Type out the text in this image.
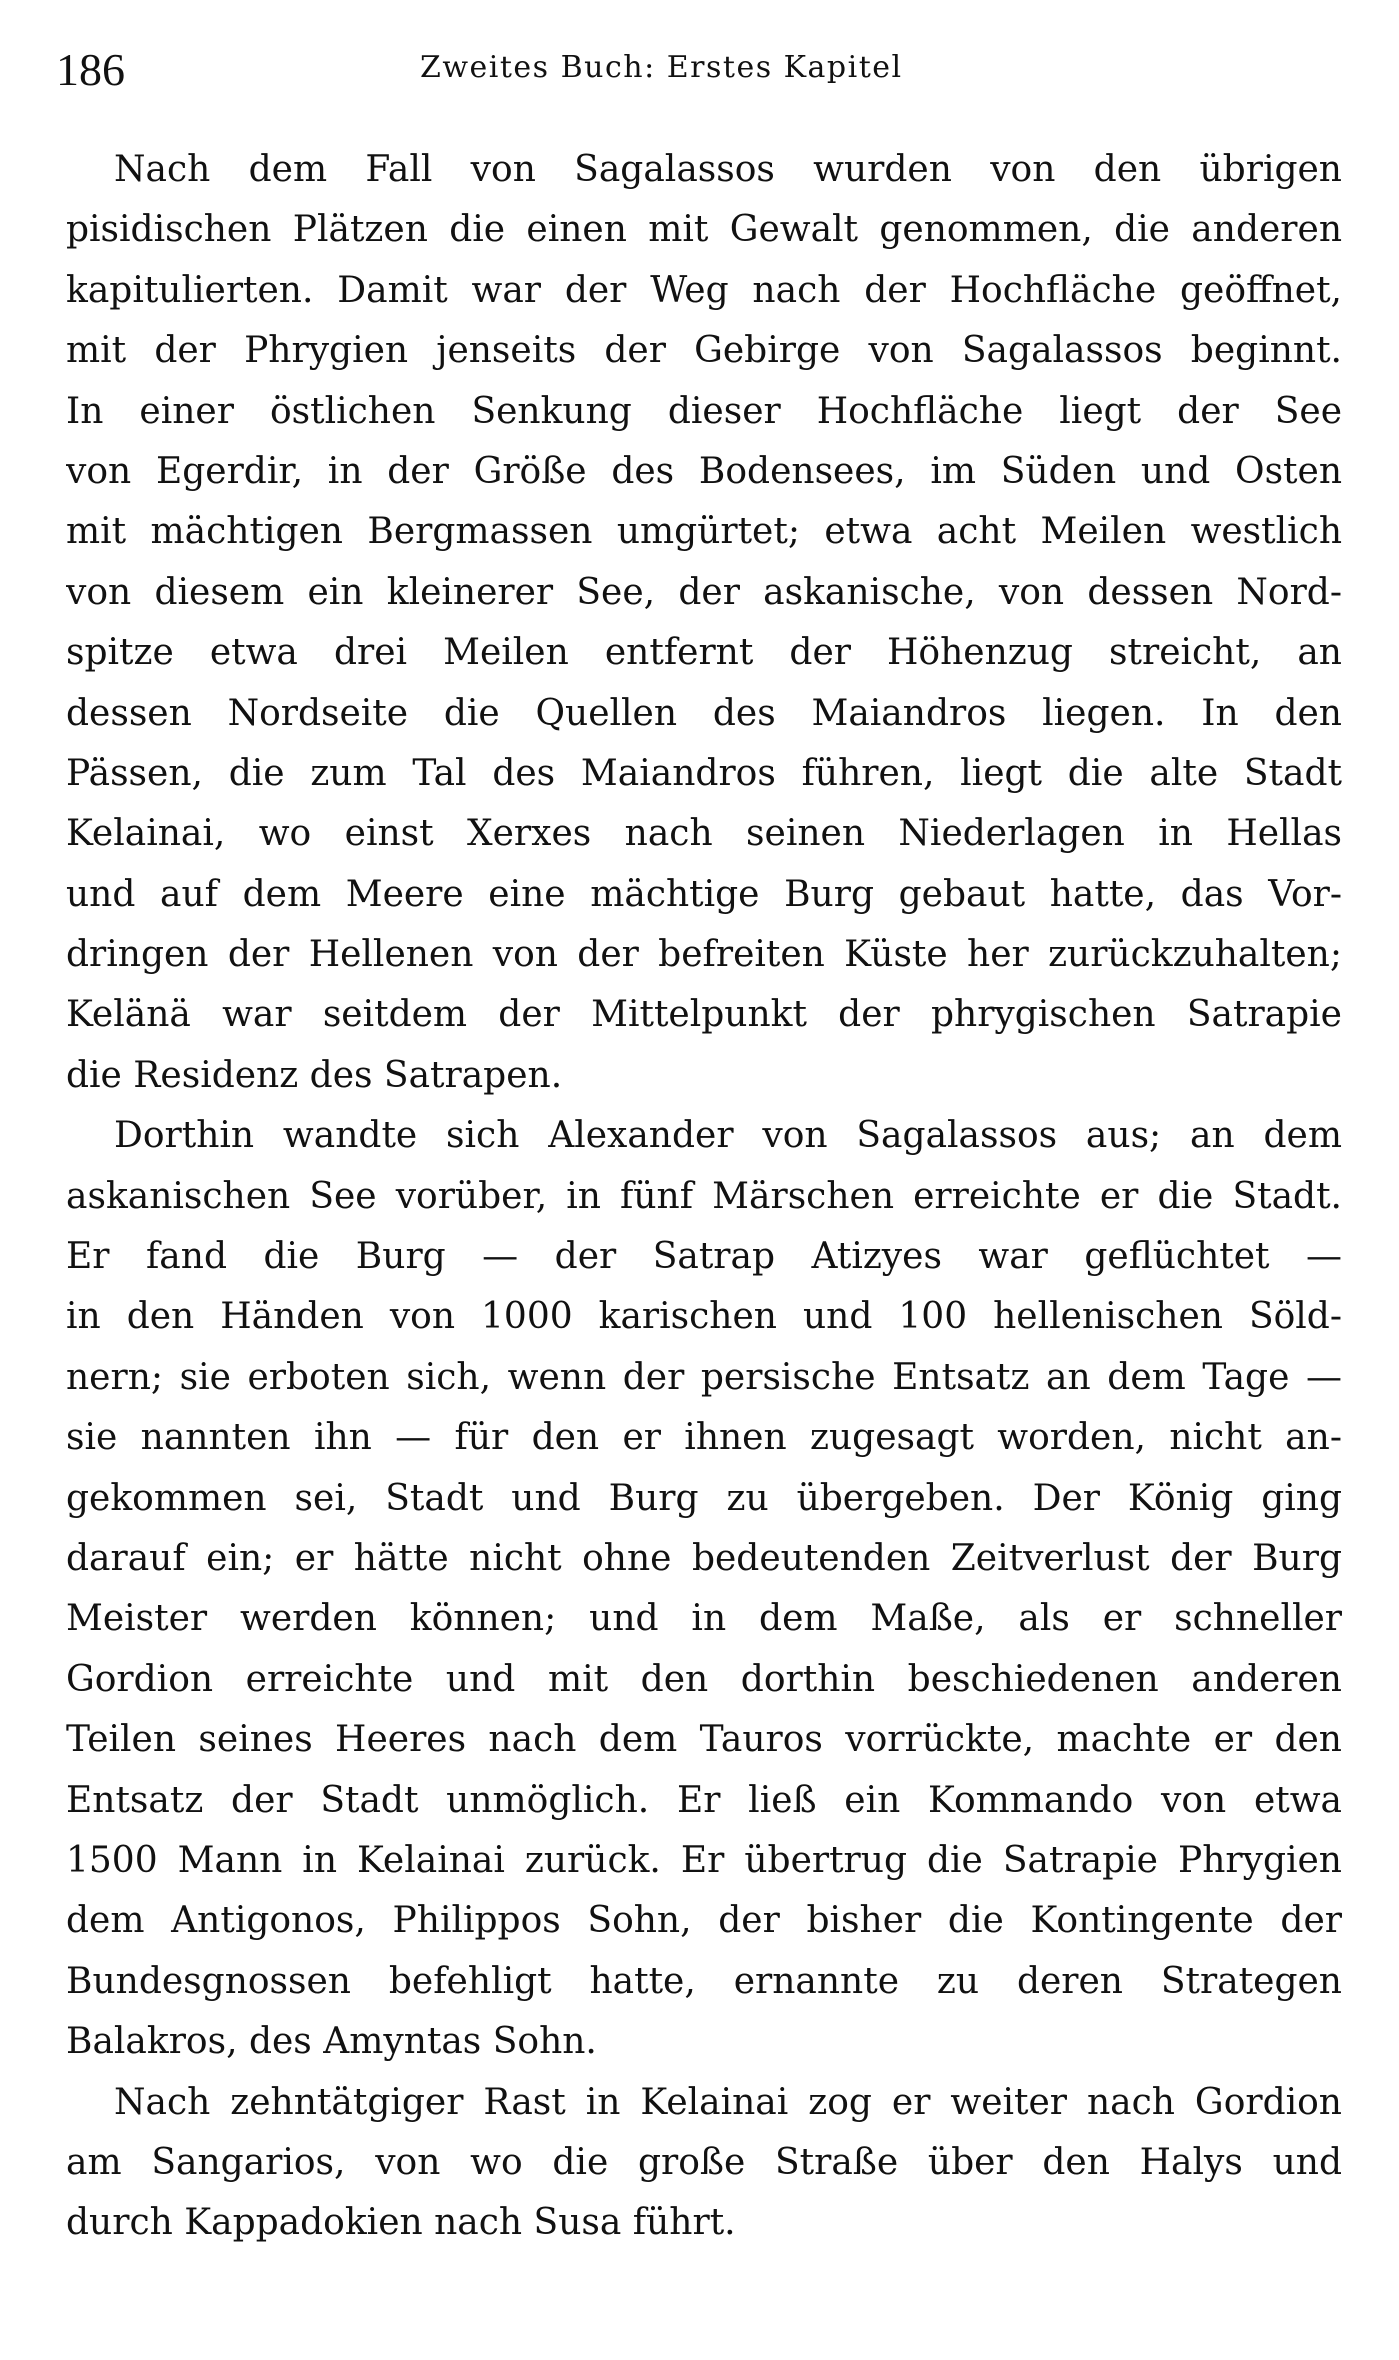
186	Zweites Buch: Erstes Kapitel
Nach dem Fall von Sagalassos wurden von den übrigen
pisidischen Plätzen die einen mit Gewalt genommen, die anderen
kapitulierten. Damit war der Weg nach der Hochfläche geöffnet,
mit der Phrygien jenseits der Gebirge von Sagalassos beginnt.
In einer östlichen Senkung dieser Hochfläche liegt der See
von Egerdir, in der Größe des Bodensees, im Süden und Osten
mit mächtigen Bergmassen umgürtet; etwa acht Meilen westlich
von diesem ein kleinerer See, der askanische, von dessen Nord-
spitze etwa drei Meilen entfernt der Höhenzug streicht, an
dessen Nordseite die Quellen des Maiandros liegen. In den
Pässen, die zum Tal des Maiandros führen, liegt die alte Stadt
Kelainai, wo einst Xerxes nach seinen Niederlagen in Hellas
und auf dem Meere eine mächtige Burg gebaut hatte, das Vor-
dringen der Hellenen von der befreiten Küste her zurückzuhalten;
Kelänä war seitdem der Mittelpunkt der phrygischen Satrapie
die Residenz des Satrapen.
Dorthin wandte sich Alexander von Sagalassos aus; an dem
askanischen See vorüber, in fünf Märschen erreichte er die Stadt.
Er fand die Burg — der Satrap Atizyes war geflüchtet —
in den Händen von 1000 karischen und 100 hellenischen Söld-
nern; sie erboten sich, wenn der persische Entsatz an dem Tage —
sie nannten ihn — für den er ihnen zugesagt worden, nicht an-
gekommen sei, Stadt und Burg zu übergeben. Der König ging
darauf ein; er hätte nicht ohne bedeutenden Zeitverlust der Burg
Meister werden können; und in dem Maße, als er schneller
Gordion erreichte und mit den dorthin beschiedenen anderen
Teilen seines Heeres nach dem Tauros vorrückte, machte er den
Entsatz der Stadt unmöglich. Er ließ ein Kommando von etwa
1500 Mann in Kelainai zurück. Er übertrug die Satrapie Phrygien
dem Antigonos, Philippos Sohn, der bisher die Kontingente der
Bundesgnossen befehligt hatte, ernannte zu deren Strategen
Balakros, des Amyntas Sohn.
Nach zehntätgiger Rast in Kelainai zog er weiter nach Gordion
am Sangarios, von wo die große Straße über den Halys und
durch Kappadokien nach Susa führt.
